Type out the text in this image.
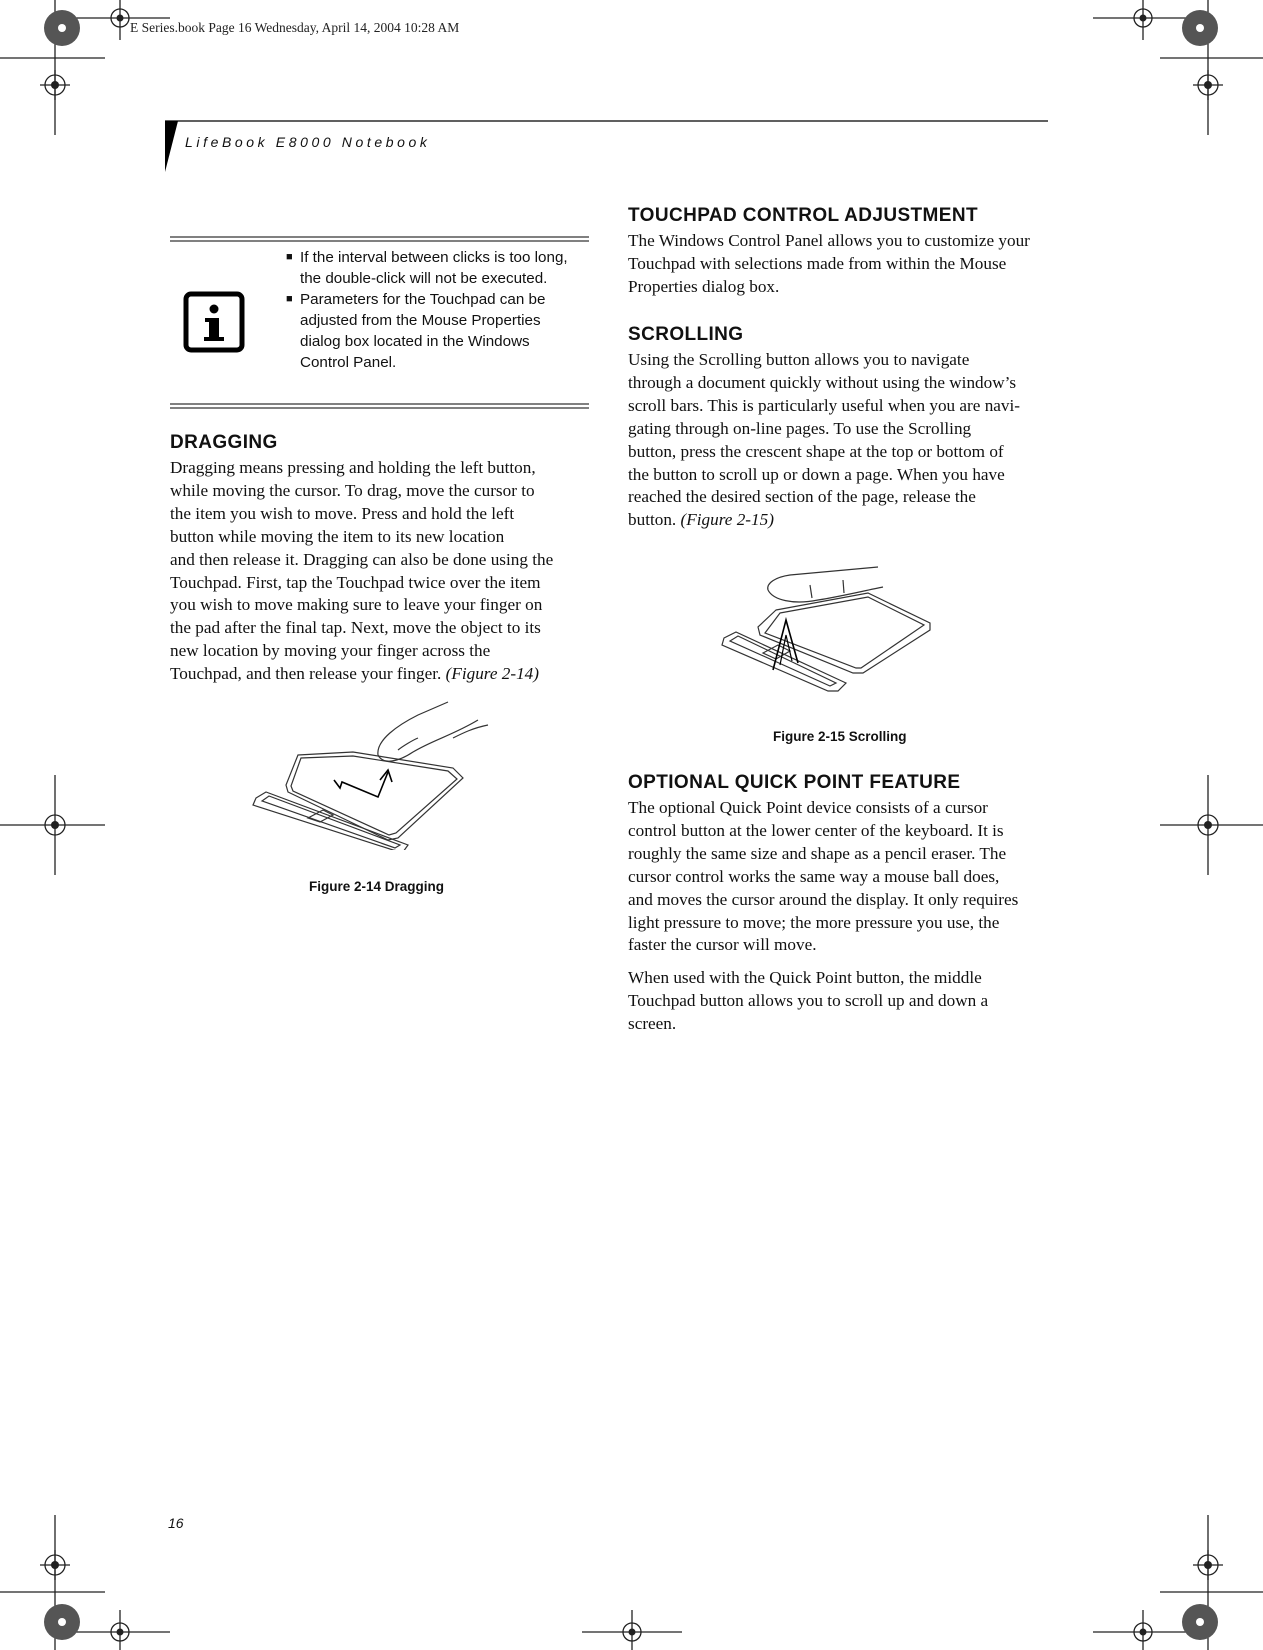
E Series.book Page 16 Wednesday, April 14, 2004 10:28 AM
LifeBook E8000 Notebook
■ If the interval between clicks is too long, the double-click will not be executed.
■ Parameters for the Touchpad can be adjusted from the Mouse Properties dialog box located in the Windows Control Panel.
DRAGGING
Dragging means pressing and holding the left button,
while moving the cursor. To drag, move the cursor to
the item you wish to move. Press and hold the left
button while moving the item to its new location
and then release it. Dragging can also be done using the
Touchpad. First, tap the Touchpad twice over the item
you wish to move making sure to leave your finger on
the pad after the final tap. Next, move the object to its
new location by moving your finger across the
Touchpad, and then release your finger. (Figure 2-14)
Figure 2-14 Dragging
TOUCHPAD CONTROL ADJUSTMENT
The Windows Control Panel allows you to customize your
Touchpad with selections made from within the Mouse
Properties dialog box.
SCROLLING
Using the Scrolling button allows you to navigate
through a document quickly without using the window’s
scroll bars. This is particularly useful when you are navi-
gating through on-line pages. To use the Scrolling
button, press the crescent shape at the top or bottom of
the button to scroll up or down a page. When you have
reached the desired section of the page, release the
button. (Figure 2-15)
Figure 2-15 Scrolling
OPTIONAL QUICK POINT FEATURE
The optional Quick Point device consists of a cursor
control button at the lower center of the keyboard. It is
roughly the same size and shape as a pencil eraser. The
cursor control works the same way a mouse ball does,
and moves the cursor around the display. It only requires
light pressure to move; the more pressure you use, the
faster the cursor will move.
When used with the Quick Point button, the middle
Touchpad button allows you to scroll up and down a
screen.
16
